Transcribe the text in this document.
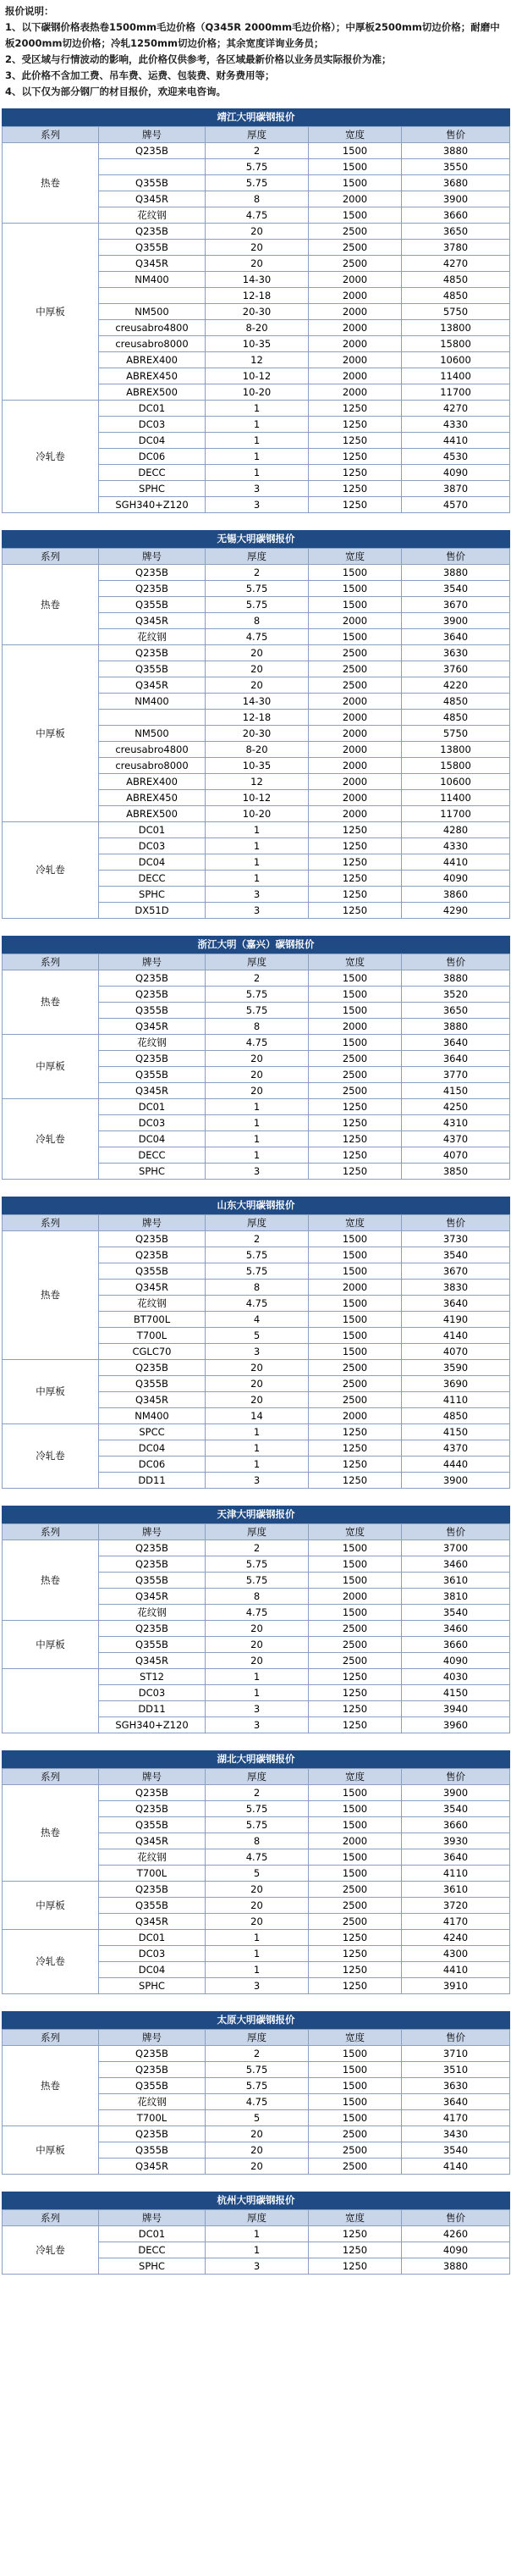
报价说明：
1、以下碳钢价格表热卷1500mm毛边价格（Q345R 2000mm毛边价格）；中厚板2500mm切边价格；耐磨中板2000mm切边价格；冷轧1250mm切边价格；其余宽度详询业务员；
2、受区域与行情波动的影响，此价格仅供参考，各区域最新价格以业务员实际报价为准；
3、此价格不含加工费、吊车费、运费、包装费、财务费用等；
4、以下仅为部分钢厂的材目报价，欢迎来电咨询。
靖江大明碳钢报价
系列	牌号	厚度	宽度	售价
热卷	Q235B	2	1500	3880
		5.75	1500	3550
	Q355B	5.75	1500	3680
	Q345R	8	2000	3900
	花纹钢	4.75	1500	3660
中厚板	Q235B	20	2500	3650
	Q355B	20	2500	3780
	Q345R	20	2500	4270
	NM400	14-30	2000	4850
		12-18	2000	4850
	NM500	20-30	2000	5750
	creusabro4800	8-20	2000	13800
	creusabro8000	10-35	2000	15800
	ABREX400	12	2000	10600
	ABREX450	10-12	2000	11400
	ABREX500	10-20	2000	11700
冷轧卷	DC01	1	1250	4270
	DC03	1	1250	4330
	DC04	1	1250	4410
	DC06	1	1250	4530
	DECC	1	1250	4090
	SPHC	3	1250	3870
	SGH340+Z120	3	1250	4570
无锡大明碳钢报价
系列	牌号	厚度	宽度	售价
热卷	Q235B	2	1500	3880
	Q235B	5.75	1500	3540
	Q355B	5.75	1500	3670
	Q345R	8	2000	3900
	花纹钢	4.75	1500	3640
中厚板	Q235B	20	2500	3630
	Q355B	20	2500	3760
	Q345R	20	2500	4220
	NM400	14-30	2000	4850
		12-18	2000	4850
	NM500	20-30	2000	5750
	creusabro4800	8-20	2000	13800
	creusabro8000	10-35	2000	15800
	ABREX400	12	2000	10600
	ABREX450	10-12	2000	11400
	ABREX500	10-20	2000	11700
冷轧卷	DC01	1	1250	4280
	DC03	1	1250	4330
	DC04	1	1250	4410
	DECC	1	1250	4090
	SPHC	3	1250	3860
	DX51D	3	1250	4290
浙江大明（嘉兴）碳钢报价
系列	牌号	厚度	宽度	售价
热卷	Q235B	2	1500	3880
	Q235B	5.75	1500	3520
	Q355B	5.75	1500	3650
	Q345R	8	2000	3880
中厚板	花纹钢	4.75	1500	3640
	Q235B	20	2500	3640
	Q355B	20	2500	3770
	Q345R	20	2500	4150
冷轧卷	DC01	1	1250	4250
	DC03	1	1250	4310
	DC04	1	1250	4370
	DECC	1	1250	4070
	SPHC	3	1250	3850
山东大明碳钢报价
系列	牌号	厚度	宽度	售价
热卷	Q235B	2	1500	3730
	Q235B	5.75	1500	3540
	Q355B	5.75	1500	3670
	Q345R	8	2000	3830
	花纹钢	4.75	1500	3640
	BT700L	4	1500	4190
	T700L	5	1500	4140
	CGLC70	3	1500	4070
中厚板	Q235B	20	2500	3590
	Q355B	20	2500	3690
	Q345R	20	2500	4110
	NM400	14	2000	4850
冷轧卷	SPCC	1	1250	4150
	DC04	1	1250	4370
	DC06	1	1250	4440
	DD11	3	1250	3900
天津大明碳钢报价
系列	牌号	厚度	宽度	售价
热卷	Q235B	2	1500	3700
	Q235B	5.75	1500	3460
	Q355B	5.75	1500	3610
	Q345R	8	2000	3810
	花纹钢	4.75	1500	3540
中厚板	Q235B	20	2500	3460
	Q355B	20	2500	3660
	Q345R	20	2500	4090
	ST12	1	1250	4030
	DC03	1	1250	4150
	DD11	3	1250	3940
	SGH340+Z120	3	1250	3960
湖北大明碳钢报价
系列	牌号	厚度	宽度	售价
热卷	Q235B	2	1500	3900
	Q235B	5.75	1500	3540
	Q355B	5.75	1500	3660
	Q345R	8	2000	3930
	花纹钢	4.75	1500	3640
	T700L	5	1500	4110
中厚板	Q235B	20	2500	3610
	Q355B	20	2500	3720
	Q345R	20	2500	4170
冷轧卷	DC01	1	1250	4240
	DC03	1	1250	4300
	DC04	1	1250	4410
	SPHC	3	1250	3910
太原大明碳钢报价
系列	牌号	厚度	宽度	售价
热卷	Q235B	2	1500	3710
	Q235B	5.75	1500	3510
	Q355B	5.75	1500	3630
	花纹钢	4.75	1500	3640
	T700L	5	1500	4170
中厚板	Q235B	20	2500	3430
	Q355B	20	2500	3540
	Q345R	20	2500	4140
杭州大明碳钢报价
系列	牌号	厚度	宽度	售价
冷轧卷	DC01	1	1250	4260
	DECC	1	1250	4090
	SPHC	3	1250	3880
